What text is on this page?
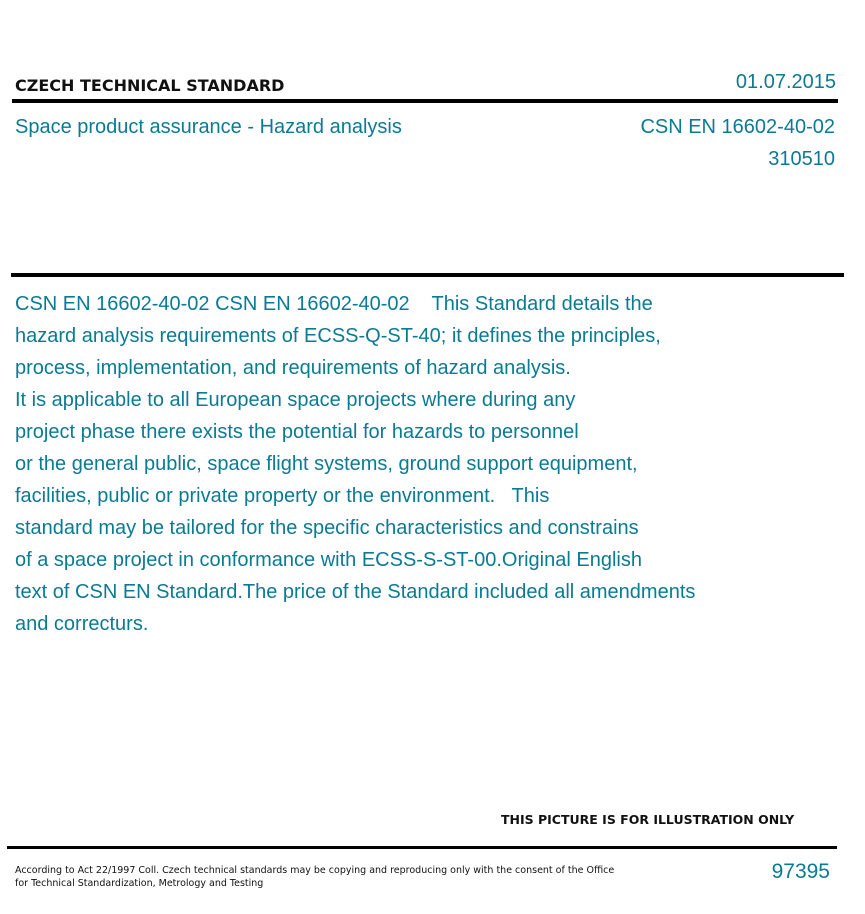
CZECH TECHNICAL STANDARD	01.07.2015
Space product assurance - Hazard analysis	CSN EN 16602-40-02
310510
CSN EN 16602-40-02 CSN EN 16602-40-02    This Standard details the
hazard analysis requirements of ECSS-Q-ST-40; it defines the principles,
process, implementation, and requirements of hazard analysis.
It is applicable to all European space projects where during any
project phase there exists the potential for hazards to personnel
or the general public, space flight systems, ground support equipment,
facilities, public or private property or the environment.   This
standard may be tailored for the specific characteristics and constrains
of a space project in conformance with ECSS-S-ST-00.Original English
text of CSN EN Standard.The price of the Standard included all amendments
and correcturs.
THIS PICTURE IS FOR ILLUSTRATION ONLY
According to Act 22/1997 Coll. Czech technical standards may be copying and reproducing only with the consent of the Office
for Technical Standardization, Metrology and Testing
97395
